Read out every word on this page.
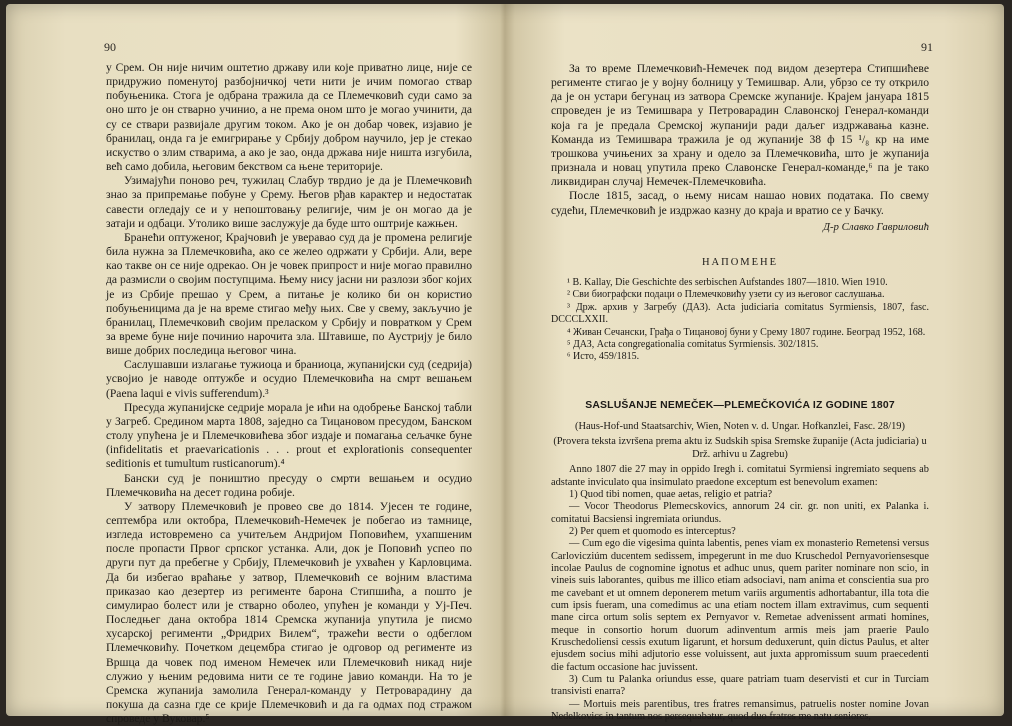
90

у Срем. Он није ничим оштетио државу или које приватно лице, није се придружио поменутој разбојничкој чети нити је ичим помогао ствар побуњеника. Стога је одбрана тражила да се Племечковић суди само за оно што је он стварно учинио, а не према оном што је могао учинити, да су се ствари развијале другим током. Ако је он добар човек, изјавио је бранилац, онда га је емигрирање у Србију добром научило, јер је стекао искуство о злим стварима, а ако је зао, онда држава није ништа изгубила, већ само добила, његовим бекством са њене територије.

Узимајући поново реч, тужилац Слабур тврдио је да је Племечковић знао за припремање побуне у Срему. Његов рђав карактер и недостатак савести огледају се и у непоштовању религије, чим је он могао да је затаји и одбаци. Утолико више заслужује да буде што оштрије кажњен.

Бранећи оптуженог, Крајчовић је уверавао суд да је промена религије била нужна за Племечковића, ако се желео одржати у Србији. Али, вере као такве он се није одрекао. Он је човек припрост и није могао правилно да размисли о својим поступцима. Њему нису јасни ни разлози због којих је из Србије прешао у Срем, а питање је колико би он користио побуњеницима да је на време стигао међу њих. Све у свему, закључио је бранилац, Племечковић својим преласком у Србију и повратком у Срем за време буне није починио нарочита зла. Штавише, по Аустрију је било више добрих последица његовог чина.

Саслушавши излагање тужиоца и браниоца, жупанијски суд (седрија) усвојио је наводе оптужбе и осудио Племечковића на смрт вешањем (Paena laqui e vivis sufferendum).³

Пресуда жупанијске седрије морала је ићи на одобрење Банској табли у Загреб. Средином марта 1808, заједно са Тицановом пресудом, Банском столу упућена је и Племечковићева због издаје и помагања сељачке буне (infidelitatis et praevaricationis . . . prout et explorationis consequenter seditionis et tumultum rusticanorum).⁴

Бански суд је поништио пресуду о смрти вешањем и осудио Племечковића на десет година робије.

У затвору Племечковић је провео све до 1814. Ујесен те године, септембра или октобра, Племечковић-Немечек је побегао из тамнице, изгледа истовремено са учитељем Андријом Поповићем, ухапшеним после пропасти Првог српског устанка. Али, док је Поповић успео по други пут да пребегне у Србију, Племечковић је ухваћен у Карловцима. Да би избегао враћање у затвор, Племечковић се војним властима приказао као дезертер из регименте барона Стипшића, а пошто је симулирао болест или је стварно оболео, упућен је команди у Уј-Печ. Последњег дана октобра 1814 Сремска жупанија упутила је писмо хусарској регименти „Фридрих Вилем“, тражећи вести о одбеглом Племечковићу. Почетком децембра стигао је одговор од регименте из Вршца да човек под именом Немечек или Племечковић никад није служио у њеним редовима нити се те године јавио команди. На то је Сремска жупанија замолила Генерал-команду у Петроварадину да покуша да сазна где се крије Племечковић и да га одмах под стражом спроведе у Вуковар.⁵

91

За то време Племечковић-Немечек под видом дезертера Стипшићеве регименте стигао је у војну болницу у Темишвар. Али, убрзо се ту открило да је он устари бегунац из затвора Сремске жупаније. Крајем јануара 1815 спроведен је из Темишвара у Петроварадин Славонској Генерал-команди која га је предала Сремској жупанији ради даљег издржавања казне. Команда из Темишвара тражила је од жупаније 38 ф 15 ¹/₈ кр на име трошкова учињених за храну и одело за Племечковића, што је жупанија признала и новац упутила преко Славонске Генерал-команде,⁶ па је тако ликвидиран случај Немечек-Племечковића.

После 1815, засад, о њему нисам нашао нових података. По свему судећи, Племечковић је издржао казну до краја и вратио се у Бачку.

Д-р Славко Гавриловић
НАПОМЕНЕ
¹ B. Kallay, Die Geschichte des serbischen Aufstandes 1807—1810. Wien 1910.
² Сви биографски подаци о Племечковићу узети су из његовог саслушања.
³ Држ. архив у Загребу (ДАЗ). Acta judiciaria comitatus Syrmiensis, 1807, fasc. DCCCLXXII.
⁴ Живан Сечански, Грађа о Тицановој буни у Срему 1807 године. Београд 1952, 168.
⁵ ДАЗ, Acta congregationalia comitatus Syrmiensis. 302/1815.
⁶ Исто, 459/1815.
SASLUŠANJE NEMEČEK—PLEMEČKOVIĆA IZ GODINE 1807
(Haus-Hof-und Staatsarchiv, Wien, Noten v. d. Ungar. Hofkanzlei, Fasc. 28/19)
(Provera teksta izvršena prema aktu iz Sudskih spisa Sremske županije (Acta judiciaria) u Drž. arhivu u Zagrebu)

Anno 1807 die 27 may in oppido Iregh i. comitatui Syrmiensi ingremiato sequens ab adstante inviculato qua insimulato praedone exceptum est benevolum examen:

1) Quod tibi nomen, quae aetas, religio et patria?

— Vocor Theodorus Plemecskovics, annorum 24 cir. gr. non uniti, ex Palanka i. comitatui Bacsiensi ingremiata oriundus.

2) Per quem et quomodo es interceptus?

— Cum ego die vigesima quinta labentis, penes viam ex monasterio Remetensi versus Carlovicziúm ducentem sedissem, impegerunt in me duo Kruschedol Pernyavoriensesque incolae Paulus de cognomine ignotus et adhuc unus, quem pariter nominare non scio, in vineis suis laborantes, quibus me illico etiam adsociavi, nam anima et conscientia sua pro me cavebant et ut omnem deponerem metum variis argumentis adhortabantur, illa tota die cum ipsis fueram, una comedimus ac una etiam noctem illam extravimus, cum sequenti mane circa ortum solis septem ex Pernyavor v. Remetae advenissent armati homines, meque in consortio horum duorum adinventum armis meis jam praerie Paulo Kruschedoliensi cessis exutum ligarunt, et horsum deduxerunt, quin dictus Paulus, et alter ejusdem socius mihi adjutorio esse voluissent, aut juxta appromissum suum praecedenti die factum occasione hac juvissent.

3) Cum tu Palanka oriundus esse, quare patriam tuam deservisti et cur in Turciam transivisti enarra?

— Mortuis meis parentibus, tres fratres remansimus, patruelis noster nomine Jovan Nedelkovics in tantum nos persequabatur, quod duo fratres me natu seniores,
